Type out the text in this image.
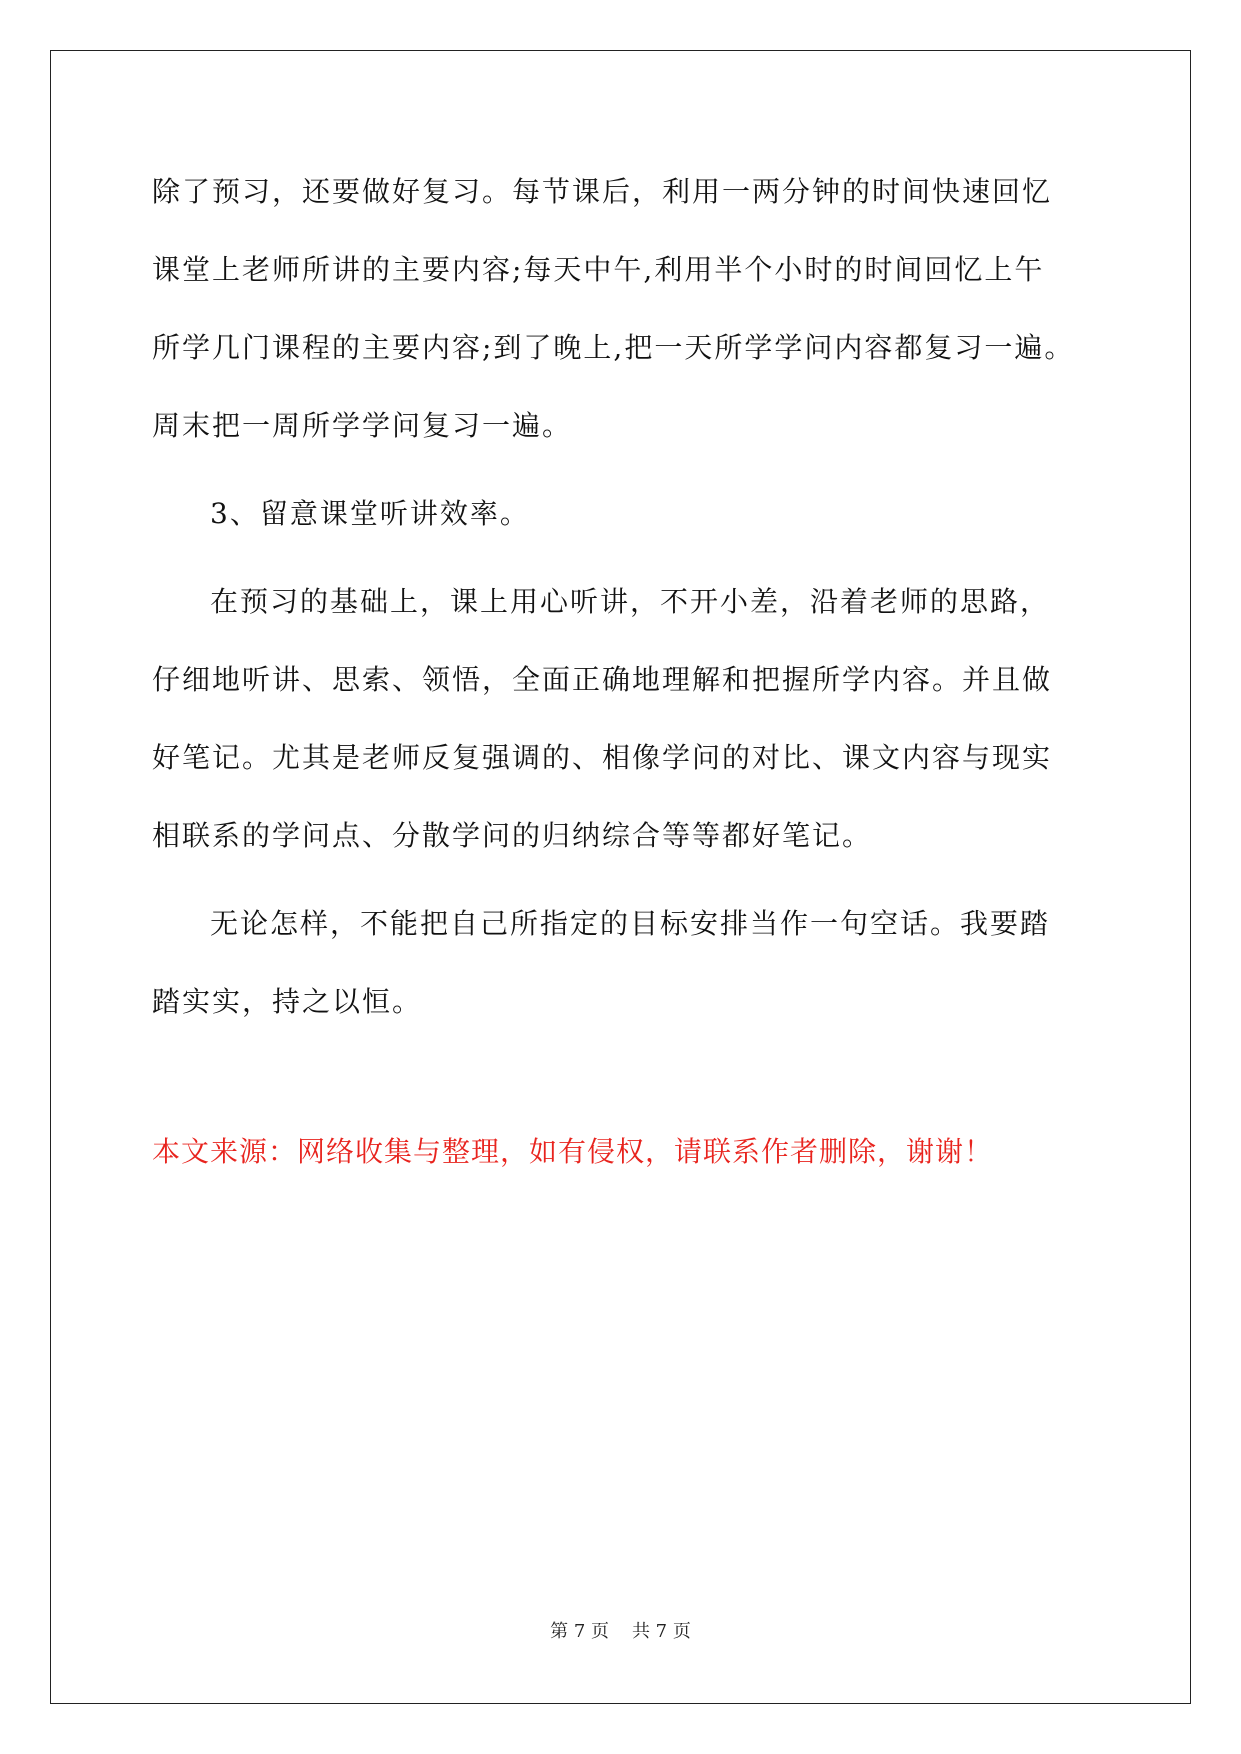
除了预习，还要做好复习。每节课后，利用一两分钟的时间快速回忆
课堂上老师所讲的主要内容;每天中午,利用半个小时的时间回忆上午
所学几门课程的主要内容;到了晚上,把一天所学学问内容都复习一遍。
周末把一周所学学问复习一遍。
3、留意课堂听讲效率。
在预习的基础上，课上用心听讲，不开小差，沿着老师的思路，
仔细地听讲、思索、领悟，全面正确地理解和把握所学内容。并且做
好笔记。尤其是老师反复强调的、相像学问的对比、课文内容与现实
相联系的学问点、分散学问的归纳综合等等都好笔记。
无论怎样，不能把自己所指定的目标安排当作一句空话。我要踏
踏实实，持之以恒。
本文来源：网络收集与整理，如有侵权，请联系作者删除，谢谢！
第 7 页    共 7 页
